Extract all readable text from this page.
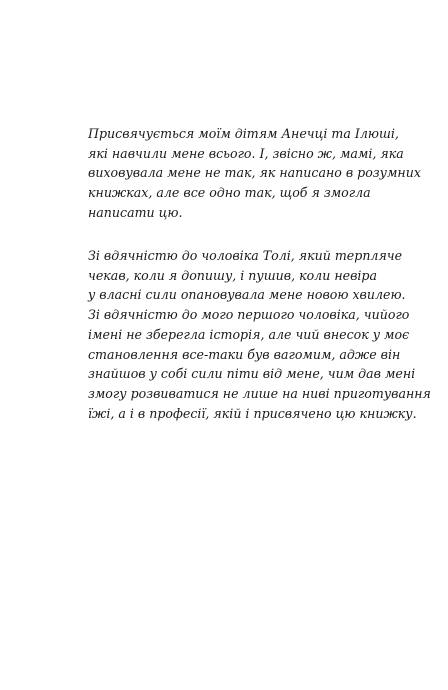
Присвячується моїм дітям Анечці та Ілюші,
які навчили мене всього. І, звісно ж, мамі, яка
виховувала мене не так, як написано в розумних
книжках, але все одно так, щоб я змогла
написати цю.
Зі вдячністю до чоловіка Толі, який терпляче
чекав, коли я допишу, і пушив, коли невіра
у власні сили опановувала мене новою хвилею.
Зі вдячністю до мого першого чоловіка, чийого
імені не зберегла історія, але чий внесок у моє
становлення все-таки був вагомим, адже він
знайшов у собі сили піти від мене, чим дав мені
змогу розвиватися не лише на ниві приготування
їжі, а і в професії, якій і присвячено цю книжку.
